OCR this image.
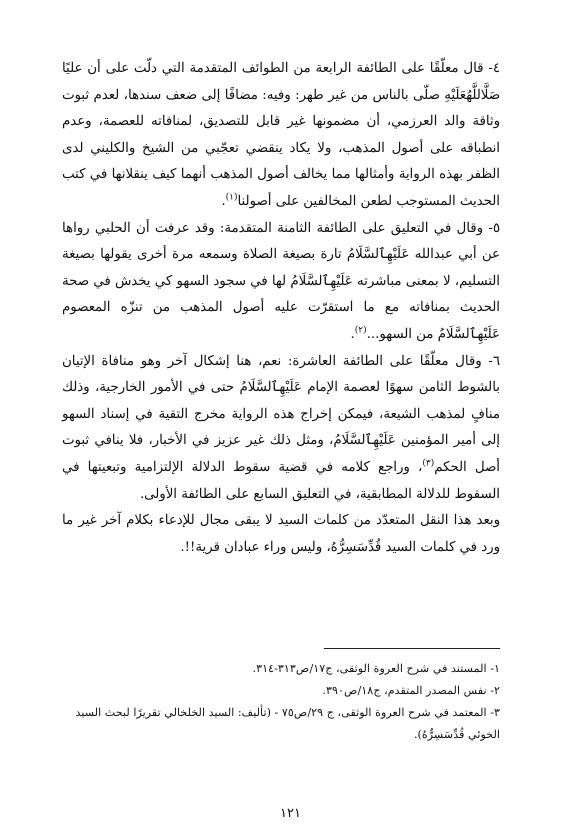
٤- قال معلّقًا على الطائفة الرابعة من الطوائف المتقدمة التي دلّت على أن عليًا صَلَّاللَّهُعَلَيْهِ صلّى بالناس من غير طهر: وفيه: مضافًا إلى ضعف سندها، لعدم ثبوت وثاقة والد العرزمي، أن مضمونها غير قابل للتصديق، لمنافاته للعصمة، وعدم انطباقه على أصول المذهب، ولا يكاد ينقضي تعجّبي من الشيخ والكليني لدى الظفر بهذه الرواية وأمثالها مما يخالف أصول المذهب أنهما كيف ينقلانها في كتب الحديث المستوجب لطعن المخالفين على أصولنا$^{(١)}$.

٥- وقال في التعليق على الطائفة الثامنة المتقدمة: وقد عرفت أن الحلبي رواها عن أبي عبدالله عَلَيْهِٱلسَّلَامُ تارة بصيغة الصلاة وسمعه مرة أخرى يقولها بصيغة التسليم، لا بمعنى مباشرته عَلَيْهِٱلسَّلَامُ لها في سجود السهو كي يخدش في صحة الحديث بمنافاته مع ما استقرّت عليه أصول المذهب من تنزّه المعصوم عَلَيْهِٱلسَّلَامُ من السهو...$^{(٢)}$.

٦- وقال معلّقًا على الطائفة العاشرة: نعم، هنا إشكال آخر وهو منافاة الإتيان بالشوط الثامن سهوًا لعصمة الإمام عَلَيْهِٱلسَّلَامُ حتى في الأمور الخارجية، وذلك منافٍ لمذهب الشيعة، فيمكن إخراج هذه الرواية مخرج التقية في إسناد السهو إلى أمير المؤمنين عَلَيْهِٱلسَّلَامُ، ومثل ذلك غير عزيز في الأخبار، فلا ينافي ثبوت أصل الحكم$^{(٣)}$، وراجع كلامه في قضية سقوط الدلالة الإلتزامية وتبعيتها في السقوط للدلالة المطابقية، في التعليق السابع على الطائفة الأولى.

وبعد هذا النقل المتعدّد من كلمات السيد لا يبقى مجال للإدعاء بكلام آخر غير ما ورد في كلمات السيد قُدِّسَسِرُّهُ، وليس وراء عبادان قرية!!.

١- المستند في شرح العروة الوثقى، ج١٧/ص٣١٣-٣١٤.

٢- نفس المصدر المتقدم، ج١٨/ص٣٩٠.

٣- المعتمد في شرح العروة الوثقى، ج ٢٩/ص٧٥ - (تأليف: السيد الخلخالي تقريرًا لبحث السيد الخوئي قُدِّسَسِرُّهُ).

١٢١
